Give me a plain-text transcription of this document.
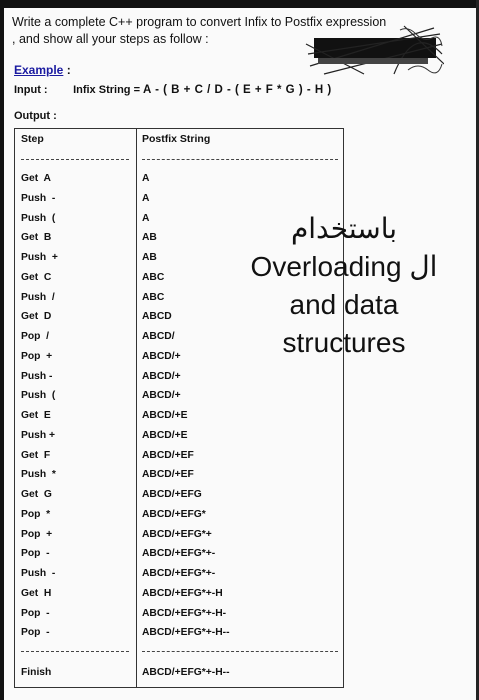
Write a complete C++ program to convert Infix to Postfix expression
, and show all your steps as follow :
Example :
Input : Infix String = A - ( B + C / D - ( E + F * G ) - H )
Output :
Step	Postfix String
Get  A	A
Push  -	A
Push  (	A
Get  B	AB
Push  +	AB
Get  C	ABC
Push  /	ABC
Get  D	ABCD
Pop  /	ABCD/
Pop  +	ABCD/+
Push -	ABCD/+
Push  (	ABCD/+
Get  E	ABCD/+E
Push +	ABCD/+E
Get  F	ABCD/+EF
Push  *	ABCD/+EF
Get  G	ABCD/+EFG
Pop  *	ABCD/+EFG*
Pop  +	ABCD/+EFG*+
Pop  -	ABCD/+EFG*+-
Push  -	ABCD/+EFG*+-
Get  H	ABCD/+EFG*+-H
Pop  -	ABCD/+EFG*+-H-
Pop  -	ABCD/+EFG*+-H--
Finish	ABCD/+EFG*+-H--
باستخدام
Overloading ال
and data
structures
